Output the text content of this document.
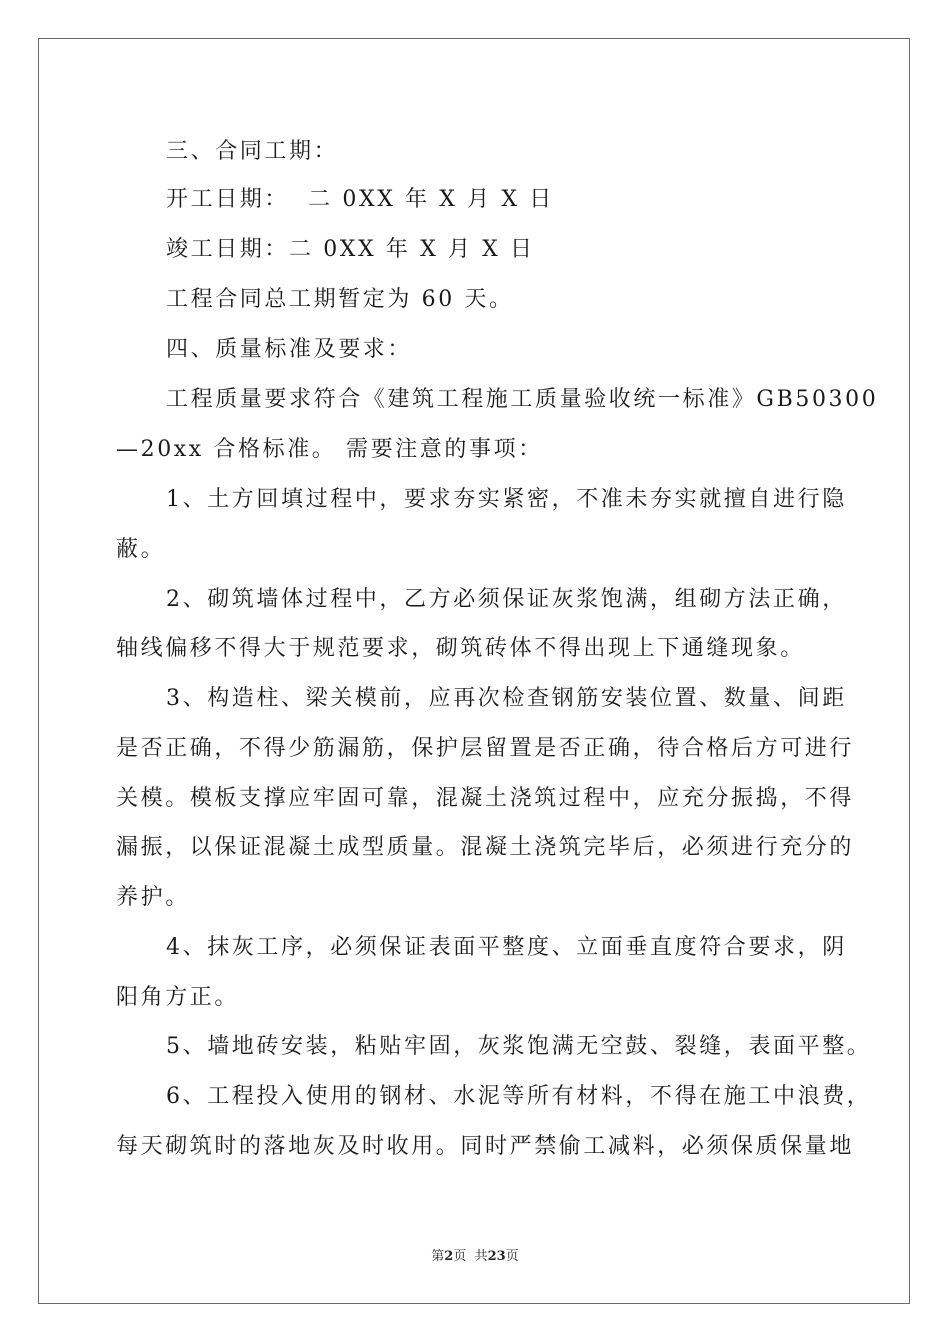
三、合同工期：
开工日期：  二 0XX 年 X 月 X 日
竣工日期：二 0XX 年 X 月 X 日
工程合同总工期暂定为 60 天。
四、质量标准及要求：
工程质量要求符合《建筑工程施工质量验收统一标准》GB50300
—20xx 合格标准。 需要注意的事项：
1、土方回填过程中，要求夯实紧密，不准未夯实就擅自进行隐
蔽。
2、砌筑墙体过程中，乙方必须保证灰浆饱满，组砌方法正确，
轴线偏移不得大于规范要求，砌筑砖体不得出现上下通缝现象。
3、构造柱、梁关模前，应再次检查钢筋安装位置、数量、间距
是否正确，不得少筋漏筋，保护层留置是否正确，待合格后方可进行
关模。模板支撑应牢固可靠，混凝土浇筑过程中，应充分振捣，不得
漏振，以保证混凝土成型质量。混凝土浇筑完毕后，必须进行充分的
养护。
4、抹灰工序，必须保证表面平整度、立面垂直度符合要求，阴
阳角方正。
5、墙地砖安装，粘贴牢固，灰浆饱满无空鼓、裂缝，表面平整。
6、工程投入使用的钢材、水泥等所有材料，不得在施工中浪费，
每天砌筑时的落地灰及时收用。同时严禁偷工减料，必须保质保量地
第2页  共23页
